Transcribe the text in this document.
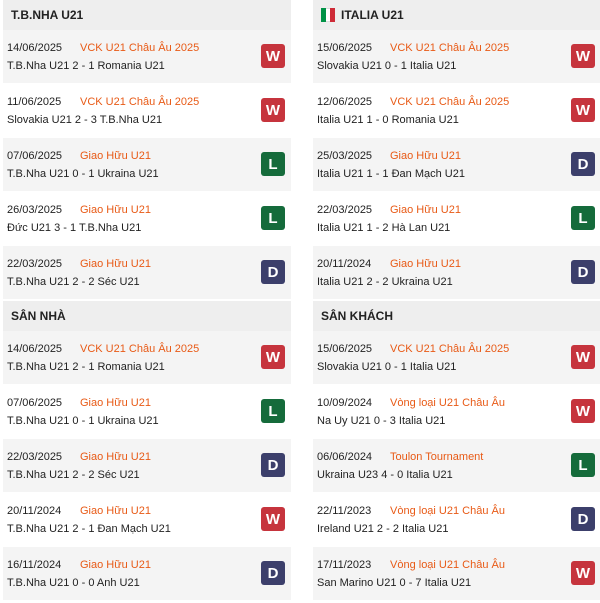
T.B.NHA U21
14/06/2025 VCK U21 Châu Âu 2025
T.B.Nha U21 2 - 1 Romania U21
W
11/06/2025 VCK U21 Châu Âu 2025
Slovakia U21 2 - 3 T.B.Nha U21
W
07/06/2025 Giao Hữu U21
T.B.Nha U21 0 - 1 Ukraina U21
L
26/03/2025 Giao Hữu U21
Đức U21 3 - 1 T.B.Nha U21
L
22/03/2025 Giao Hữu U21
T.B.Nha U21 2 - 2 Séc U21
D
SÂN NHÀ
14/06/2025 VCK U21 Châu Âu 2025
T.B.Nha U21 2 - 1 Romania U21
W
07/06/2025 Giao Hữu U21
T.B.Nha U21 0 - 1 Ukraina U21
L
22/03/2025 Giao Hữu U21
T.B.Nha U21 2 - 2 Séc U21
D
20/11/2024 Giao Hữu U21
T.B.Nha U21 2 - 1 Đan Mạch U21
W
16/11/2024 Giao Hữu U21
T.B.Nha U21 0 - 0 Anh U21
D
ITALIA U21
15/06/2025 VCK U21 Châu Âu 2025
Slovakia U21 0 - 1 Italia U21
W
12/06/2025 VCK U21 Châu Âu 2025
Italia U21 1 - 0 Romania U21
W
25/03/2025 Giao Hữu U21
Italia U21 1 - 1 Đan Mạch U21
D
22/03/2025 Giao Hữu U21
Italia U21 1 - 2 Hà Lan U21
L
20/11/2024 Giao Hữu U21
Italia U21 2 - 2 Ukraina U21
D
SÂN KHÁCH
15/06/2025 VCK U21 Châu Âu 2025
Slovakia U21 0 - 1 Italia U21
W
10/09/2024 Vòng loại U21 Châu Âu
Na Uy U21 0 - 3 Italia U21
W
06/06/2024 Toulon Tournament
Ukraina U23 4 - 0 Italia U21
L
22/11/2023 Vòng loại U21 Châu Âu
Ireland U21 2 - 2 Italia U21
D
17/11/2023 Vòng loại U21 Châu Âu
San Marino U21 0 - 7 Italia U21
W
